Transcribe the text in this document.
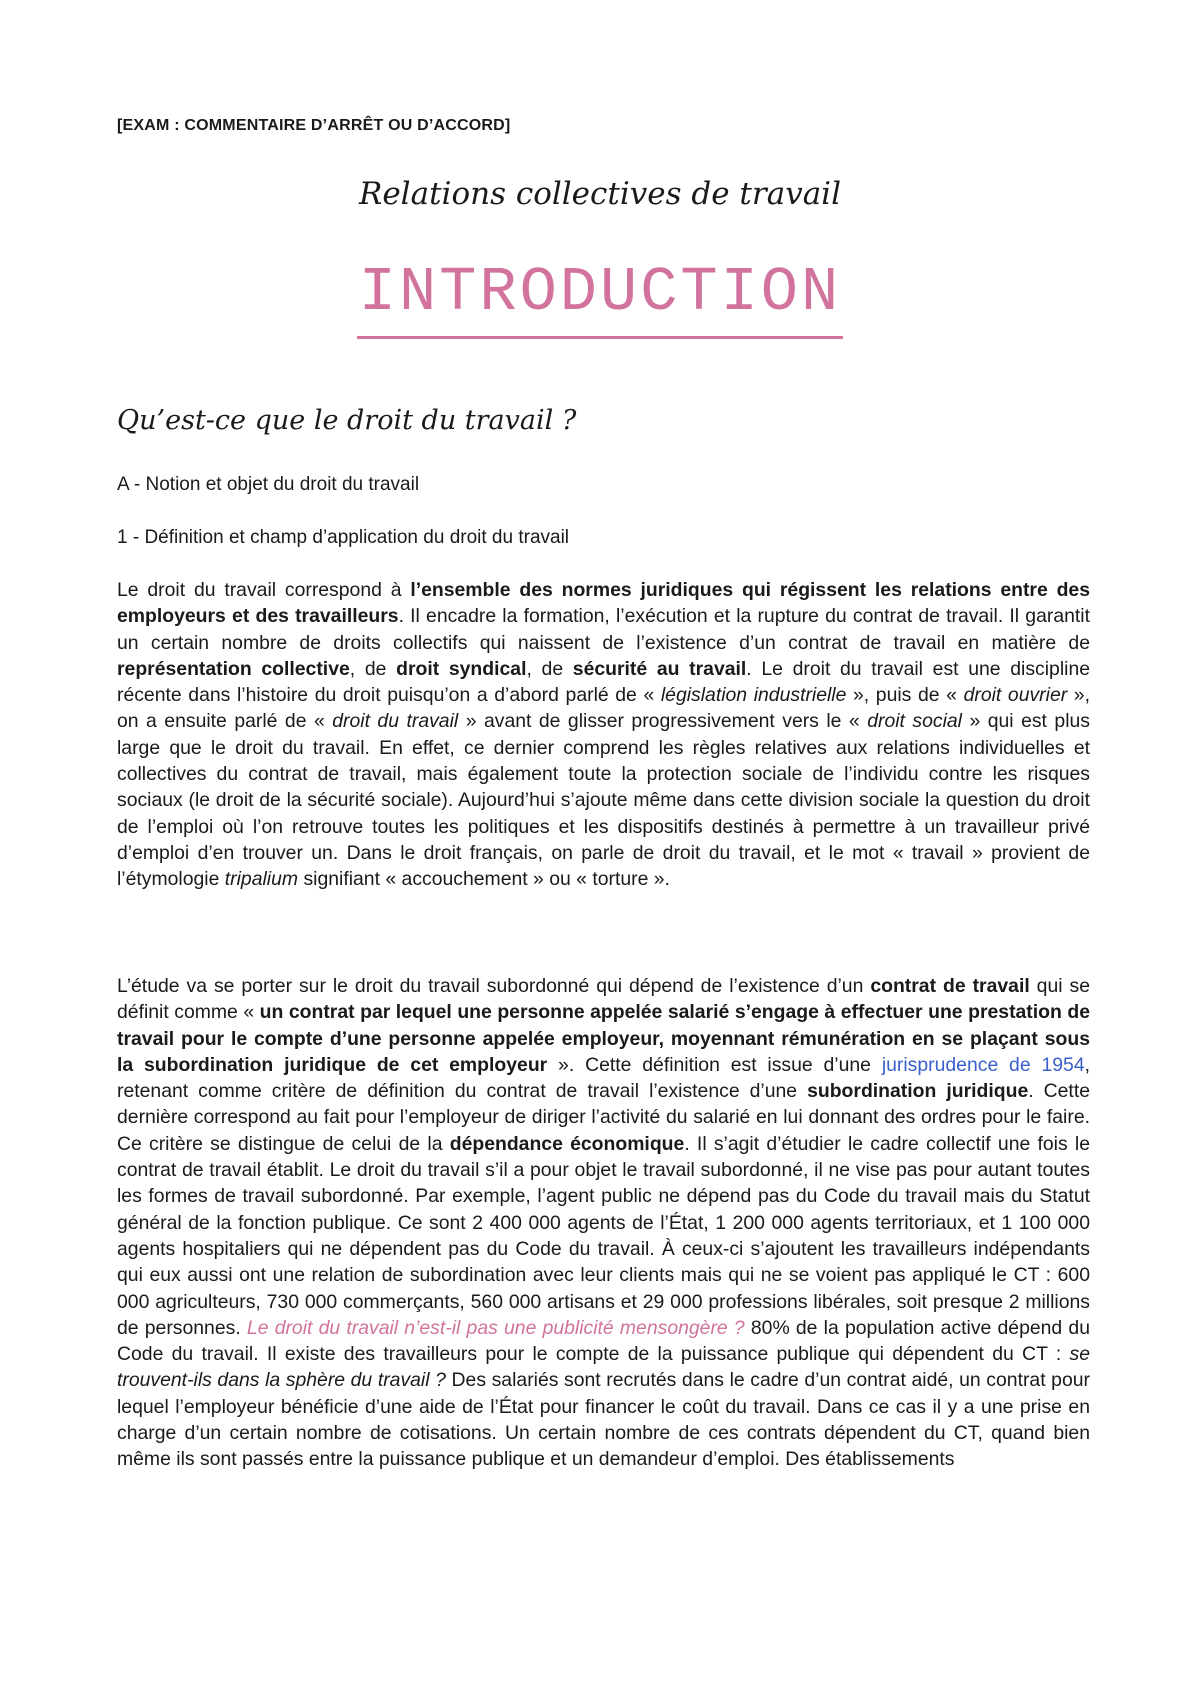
[EXAM : COMMENTAIRE D’ARRÊT OU D’ACCORD]
Relations collectives de travail
INTRODUCTION
Qu’est-ce que le droit du travail ?
A - Notion et objet du droit du travail
1 - Définition et champ d’application du droit du travail

Le droit du travail correspond à l’ensemble des normes juridiques qui régissent les relations entre des employeurs et des travailleurs. Il encadre la formation, l’exécution et la rupture du contrat de travail. Il garantit un certain nombre de droits collectifs qui naissent de l’existence d’un contrat de travail en matière de représentation collective, de droit syndical, de sécurité au travail. Le droit du travail est une discipline récente dans l’histoire du droit puisqu’on a d’abord parlé de « législation industrielle », puis de « droit ouvrier », on a ensuite parlé de « droit du travail » avant de glisser progressivement vers le « droit social » qui est plus large que le droit du travail. En effet, ce dernier comprend les règles relatives aux relations individuelles et collectives du contrat de travail, mais également toute la protection sociale de l’individu contre les risques sociaux (le droit de la sécurité sociale). Aujourd’hui s’ajoute même dans cette division sociale la question du droit de l’emploi où l’on retrouve toutes les politiques et les dispositifs destinés à permettre à un travailleur privé d’emploi d’en trouver un. Dans le droit français, on parle de droit du travail, et le mot « travail » provient de l’étymologie tripalium signifiant « accouchement » ou « torture ».

L’étude va se porter sur le droit du travail subordonné qui dépend de l’existence d’un contrat de travail qui se définit comme « un contrat par lequel une personne appelée salarié s’engage à effectuer une prestation de travail pour le compte d’une personne appelée employeur, moyennant rémunération en se plaçant sous la subordination juridique de cet employeur ». Cette définition est issue d’une jurisprudence de 1954, retenant comme critère de définition du contrat de travail l’existence d’une subordination juridique. Cette dernière correspond au fait pour l’employeur de diriger l’activité du salarié en lui donnant des ordres pour le faire. Ce critère se distingue de celui de la dépendance économique. Il s’agit d’étudier le cadre collectif une fois le contrat de travail établit. Le droit du travail s’il a pour objet le travail subordonné, il ne vise pas pour autant toutes les formes de travail subordonné. Par exemple, l’agent public ne dépend pas du Code du travail mais du Statut général de la fonction publique. Ce sont 2 400 000 agents de l’État, 1 200 000 agents territoriaux, et 1 100 000 agents hospitaliers qui ne dépendent pas du Code du travail. À ceux-ci s’ajoutent les travailleurs indépendants qui eux aussi ont une relation de subordination avec leur clients mais qui ne se voient pas appliqué le CT : 600 000 agriculteurs, 730 000 commerçants, 560 000 artisans et 29 000 professions libérales, soit presque 2 millions de personnes. Le droit du travail n’est-il pas une publicité mensongère ? 80% de la population active dépend du Code du travail. Il existe des travailleurs pour le compte de la puissance publique qui dépendent du CT : se trouvent-ils dans la sphère du travail ? Des salariés sont recrutés dans le cadre d’un contrat aidé, un contrat pour lequel l’employeur bénéficie d’une aide de l’État pour financer le coût du travail. Dans ce cas il y a une prise en charge d’un certain nombre de cotisations. Un certain nombre de ces contrats dépendent du CT, quand bien même ils sont passés entre la puissance publique et un demandeur d’emploi. Des établissements
